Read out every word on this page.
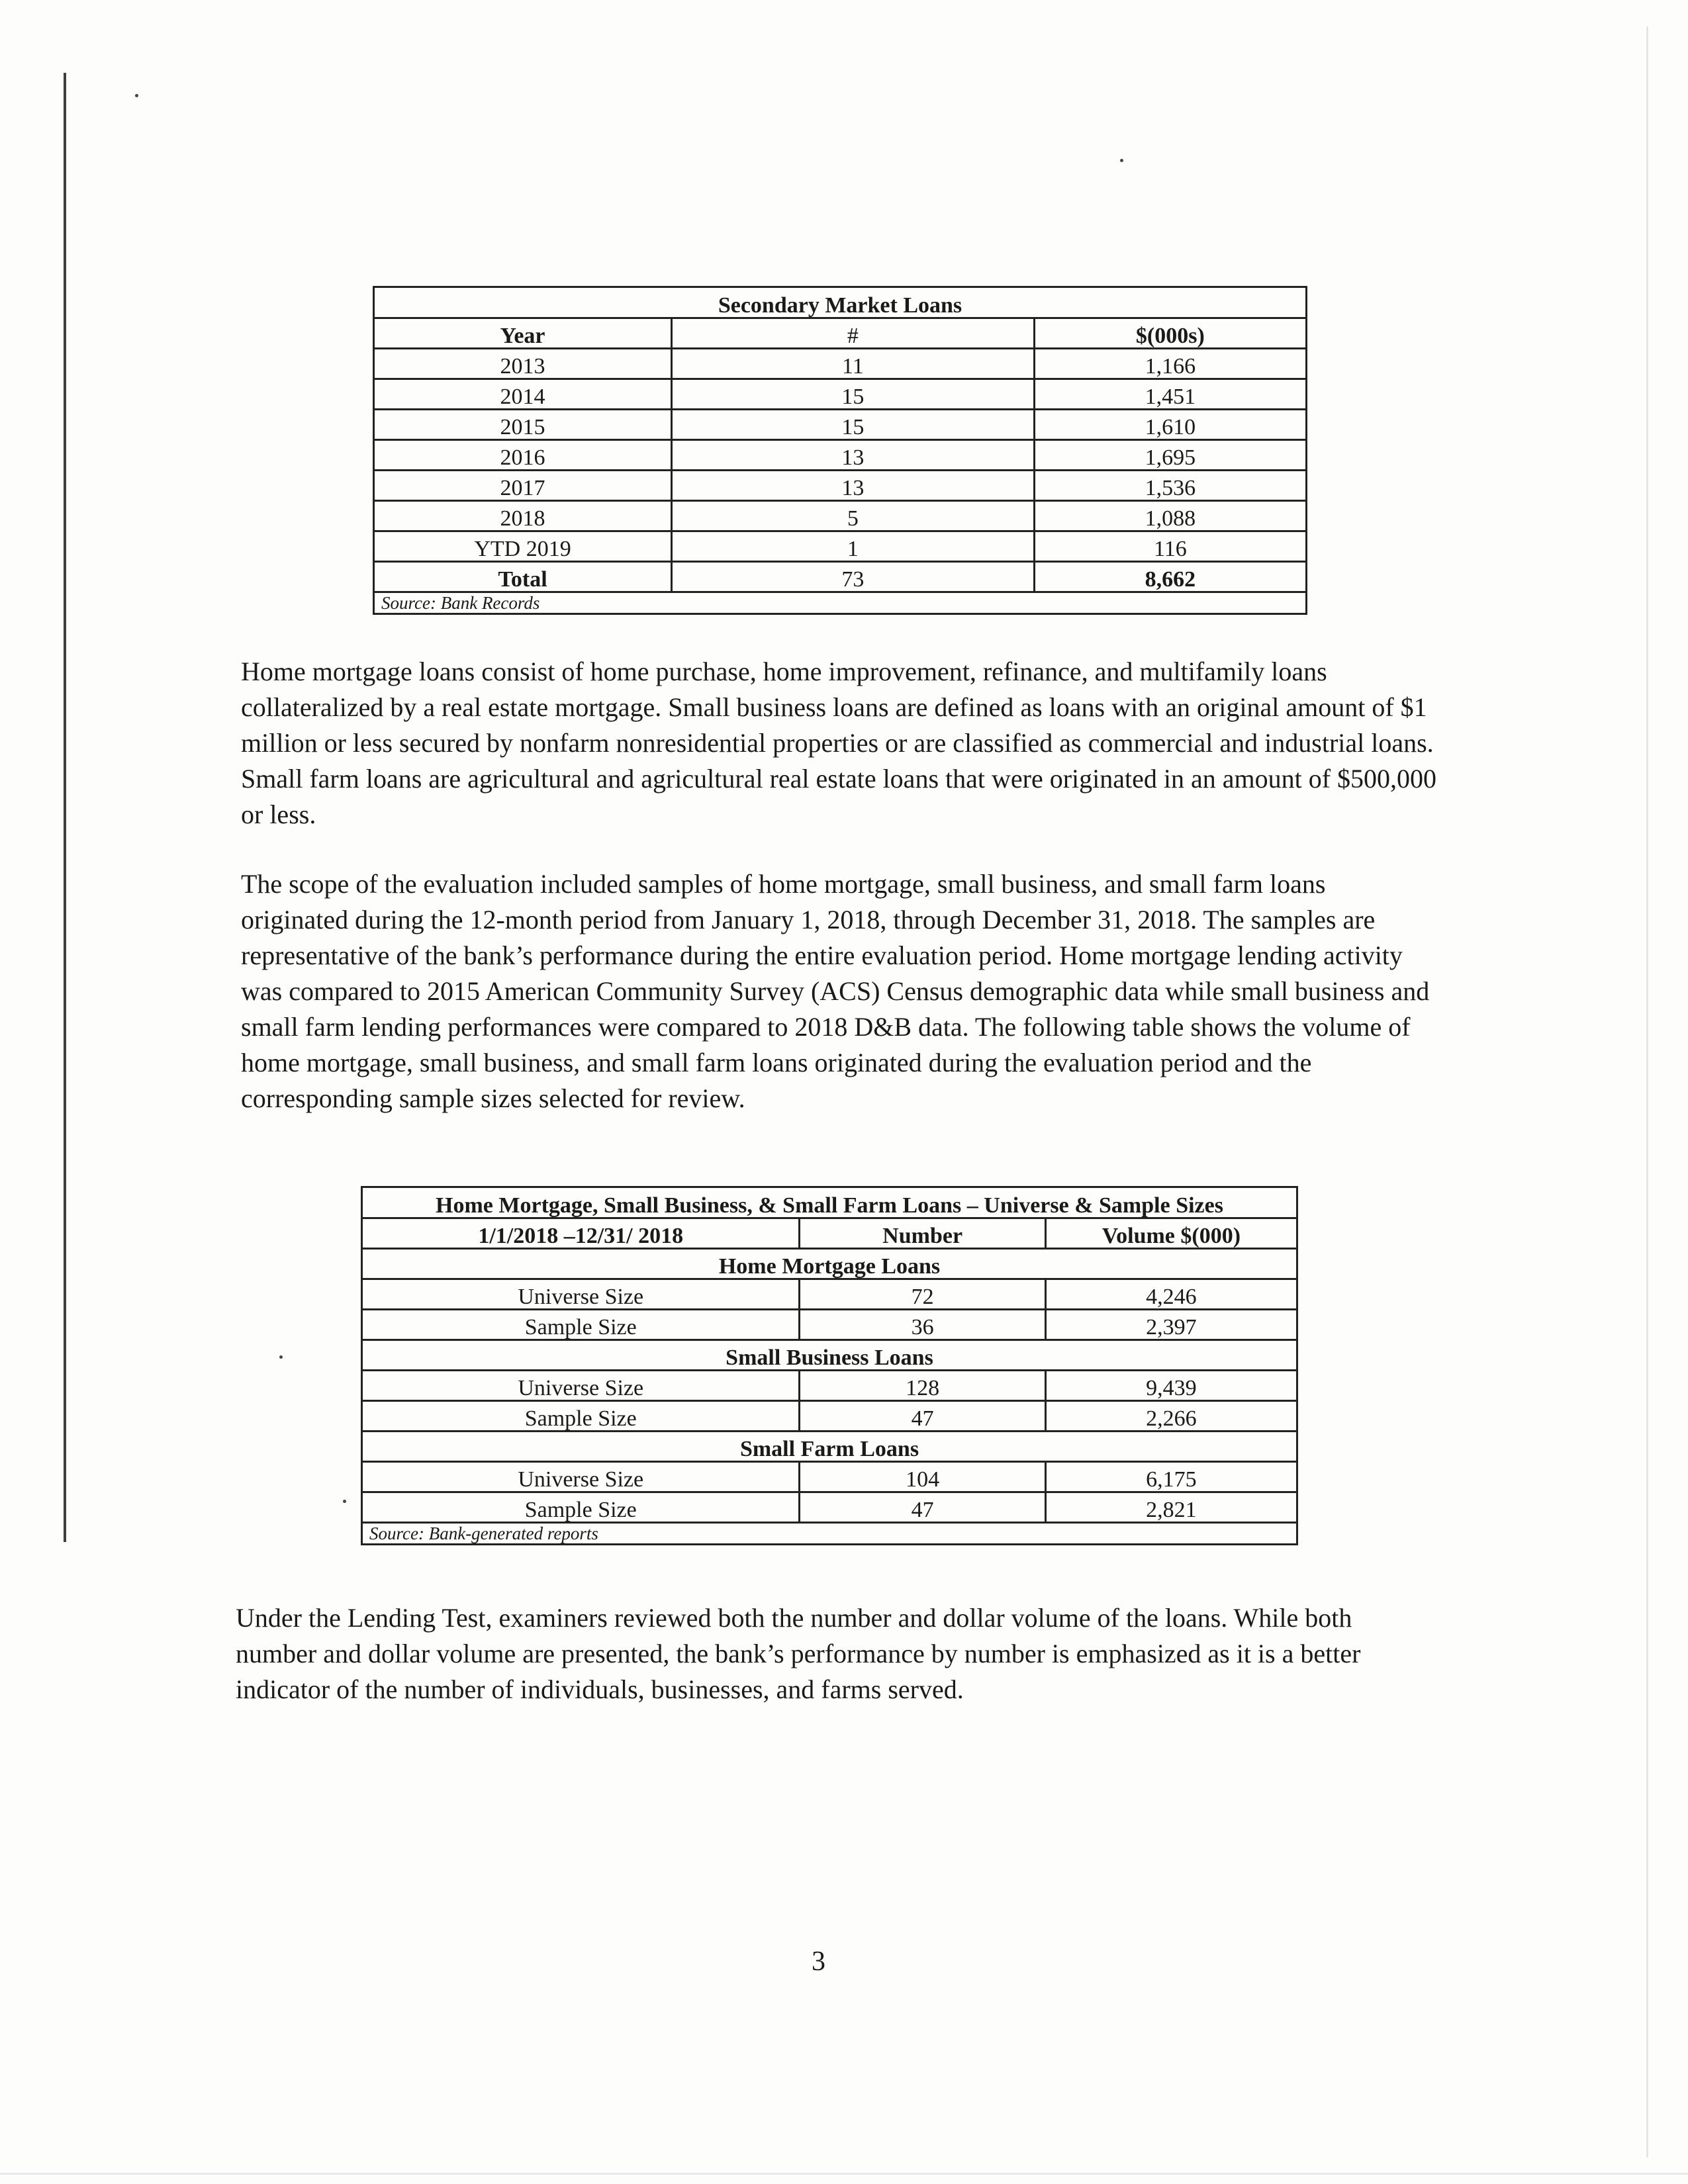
Secondary Market Loans		
Year	#	$(000s)
2013	11	1,166
2014	15	1,451
2015	15	1,610
2016	13	1,695
2017	13	1,536
2018	5	1,088
YTD 2019	1	116
Total	73	8,662
Source: Bank Records		

Home mortgage loans consist of home purchase, home improvement, refinance, and multifamily loans collateralized by a real estate mortgage. Small business loans are defined as loans with an original amount of $1 million or less secured by nonfarm nonresidential properties or are classified as commercial and industrial loans. Small farm loans are agricultural and agricultural real estate loans that were originated in an amount of $500,000 or less.

The scope of the evaluation included samples of home mortgage, small business, and small farm loans originated during the 12-month period from January 1, 2018, through December 31, 2018. The samples are representative of the bank’s performance during the entire evaluation period. Home mortgage lending activity was compared to 2015 American Community Survey (ACS) Census demographic data while small business and small farm lending performances were compared to 2018 D&B data. The following table shows the volume of home mortgage, small business, and small farm loans originated during the evaluation period and the corresponding sample sizes selected for review.

Home Mortgage, Small Business, & Small Farm Loans – Universe & Sample Sizes		
1/1/2018 –12/31/ 2018	Number	Volume $(000)
Home Mortgage Loans		
Universe Size	72	4,246
Sample Size	36	2,397
Small Business Loans		
Universe Size	128	9,439
Sample Size	47	2,266
Small Farm Loans		
Universe Size	104	6,175
Sample Size	47	2,821
Source: Bank-generated reports		

Under the Lending Test, examiners reviewed both the number and dollar volume of the loans. While both number and dollar volume are presented, the bank’s performance by number is emphasized as it is a better indicator of the number of individuals, businesses, and farms served.

3
